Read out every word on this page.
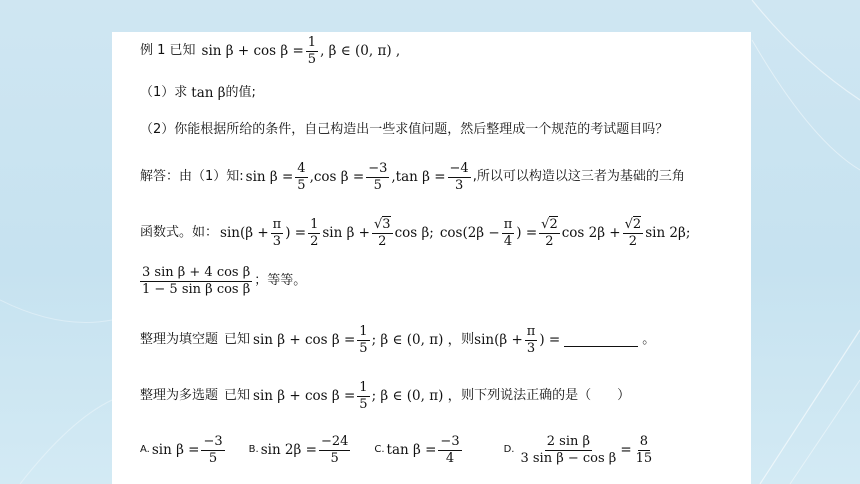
例 1 已知 $\sin \beta + \cos \beta = \frac{1}{5}$ , β ∈ (0, π) ,
（1）求 tan β 的值;
（2）你能根据所给的条件，自己构造出一些求值问题，然后整理成一个规范的考试题目吗？
解答：由（1）知: $\sin \beta = \frac{4}{5} ,\cos$ $\beta = \frac{-3}{5} ,\tan$ $\beta = \frac{-4}{3}$ ,所以可以构造以这三者为基础的三角
函数式。如： $\sin(\beta + \frac{\pi}{3}$ ) = $\frac{1}{2}$ $\sin \beta + \frac{√3}{2}$ cos β; $\cos(2\beta - \frac{\pi}{4}$ ) = $\frac{√2}{2}$ $\cos 2\beta + \frac{√2}{2}$ sin 2β;
$\frac{\text{3 sin β + 4 cos β}}{\text{1 − 5 sin β cos β}}$ ；等等。
整理为填空题 已知 $\sin \beta + \cos \beta = \frac{1}{5}$ ; β ∈ (0, π) ， 则 $\sin(\beta + \frac{\pi}{3}$ ) =	。
整理为多选题 已知 $\sin \beta + \cos \beta = \frac{1}{5}$ ; β ∈ (0, π) ， 则下列说法正确的是（　　）
A. $\sin \beta = \frac{-3}{5} B$. $\sin 2\beta = \frac{-24}{5} C$. $\tan \beta = \frac{-3}{4}$	D. $\frac{\text{2 sin β}}{\text{3 sin β − cos β}} = \frac{8}{15}$
